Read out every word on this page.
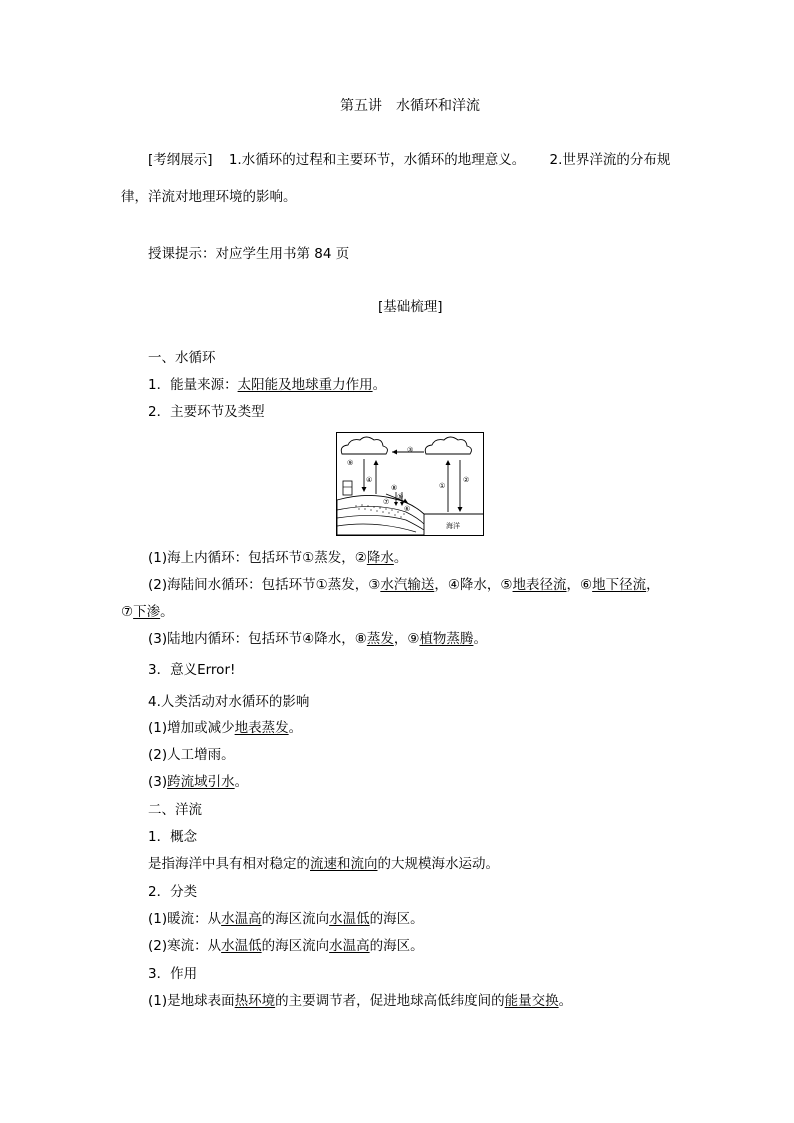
第五讲　水循环和洋流
[考纲展示] 1.水循环的过程和主要环节，水循环的地理意义。 2.世界洋流的分布规
律，洋流对地理环境的影响。
授课提示：对应学生用书第 84 页
[基础梳理]
一、水循环
1．能量来源：太阳能及地球重力作用。
2．主要环节及类型
⑨
④
③
①
②
⑧
⑤
⑦
⑥
海洋
(1)海上内循环：包括环节①蒸发，②降水。
(2)海陆间水循环：包括环节①蒸发，③水汽输送，④降水，⑤地表径流，⑥地下径流，
⑦下渗。
(3)陆地内循环：包括环节④降水，⑧蒸发，⑨植物蒸腾。
3．意义Error!
4.人类活动对水循环的影响
(1)增加或减少地表蒸发。
(2)人工增雨。
(3)跨流域引水。
二、洋流
1．概念
是指海洋中具有相对稳定的流速和流向的大规模海水运动。
2．分类
(1)暖流：从水温高的海区流向水温低的海区。
(2)寒流：从水温低的海区流向水温高的海区。
3．作用
(1)是地球表面热环境的主要调节者，促进地球高低纬度间的能量交换。
